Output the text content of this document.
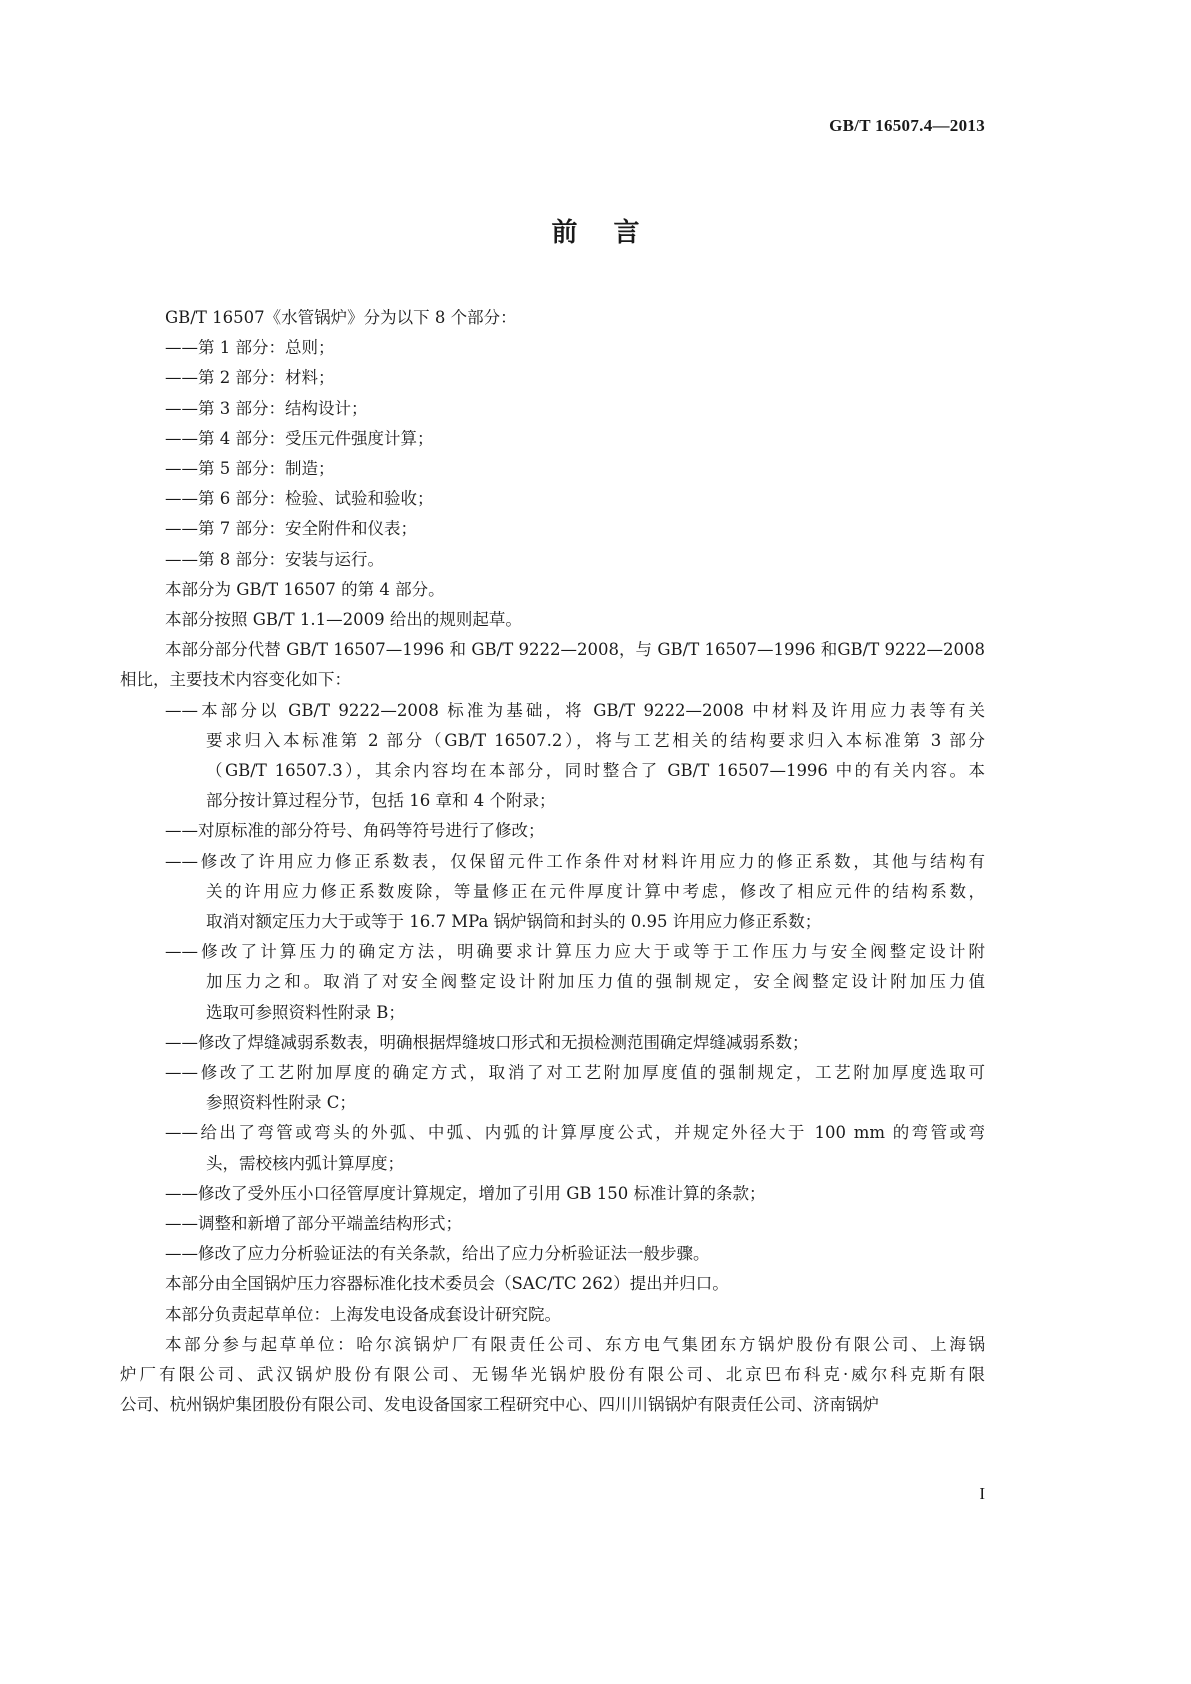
GB/T 16507.4—2013
前 言
GB/T 16507《水管锅炉》分为以下 8 个部分：
——第 1 部分：总则；
——第 2 部分：材料；
——第 3 部分：结构设计；
——第 4 部分：受压元件强度计算；
——第 5 部分：制造；
——第 6 部分：检验、试验和验收；
——第 7 部分：安全附件和仪表；
——第 8 部分：安装与运行。
本部分为 GB/T 16507 的第 4 部分。
本部分按照 GB/T 1.1—2009 给出的规则起草。
本部分部分代替 GB/T 16507—1996 和 GB/T 9222—2008，与 GB/T 16507—1996 和GB/T 9222—2008
相比，主要技术内容变化如下：
——本部分以 GB/T 9222—2008 标准为基础，将 GB/T 9222—2008 中材料及许用应力表等有关
要求归入本标准第 2 部分（GB/T 16507.2），将与工艺相关的结构要求归入本标准第 3 部分
（GB/T 16507.3），其余内容均在本部分，同时整合了 GB/T 16507—1996 中的有关内容。本
部分按计算过程分节，包括 16 章和 4 个附录；
——对原标准的部分符号、角码等符号进行了修改；
——修改了许用应力修正系数表，仅保留元件工作条件对材料许用应力的修正系数，其他与结构有
关的许用应力修正系数废除，等量修正在元件厚度计算中考虑，修改了相应元件的结构系数，
取消对额定压力大于或等于 16.7 MPa 锅炉锅筒和封头的 0.95 许用应力修正系数；
——修改了计算压力的确定方法，明确要求计算压力应大于或等于工作压力与安全阀整定设计附
加压力之和。取消了对安全阀整定设计附加压力值的强制规定，安全阀整定设计附加压力值
选取可参照资料性附录 B；
——修改了焊缝减弱系数表，明确根据焊缝坡口形式和无损检测范围确定焊缝减弱系数；
——修改了工艺附加厚度的确定方式，取消了对工艺附加厚度值的强制规定，工艺附加厚度选取可
参照资料性附录 C；
——给出了弯管或弯头的外弧、中弧、内弧的计算厚度公式，并规定外径大于 100 mm 的弯管或弯
头，需校核内弧计算厚度；
——修改了受外压小口径管厚度计算规定，增加了引用 GB 150 标准计算的条款；
——调整和新增了部分平端盖结构形式；
——修改了应力分析验证法的有关条款，给出了应力分析验证法一般步骤。
本部分由全国锅炉压力容器标准化技术委员会（SAC/TC 262）提出并归口。
本部分负责起草单位：上海发电设备成套设计研究院。
本部分参与起草单位：哈尔滨锅炉厂有限责任公司、东方电气集团东方锅炉股份有限公司、上海锅
炉厂有限公司、武汉锅炉股份有限公司、无锡华光锅炉股份有限公司、北京巴布科克·威尔科克斯有限
公司、杭州锅炉集团股份有限公司、发电设备国家工程研究中心、四川川锅锅炉有限责任公司、济南锅炉
I
